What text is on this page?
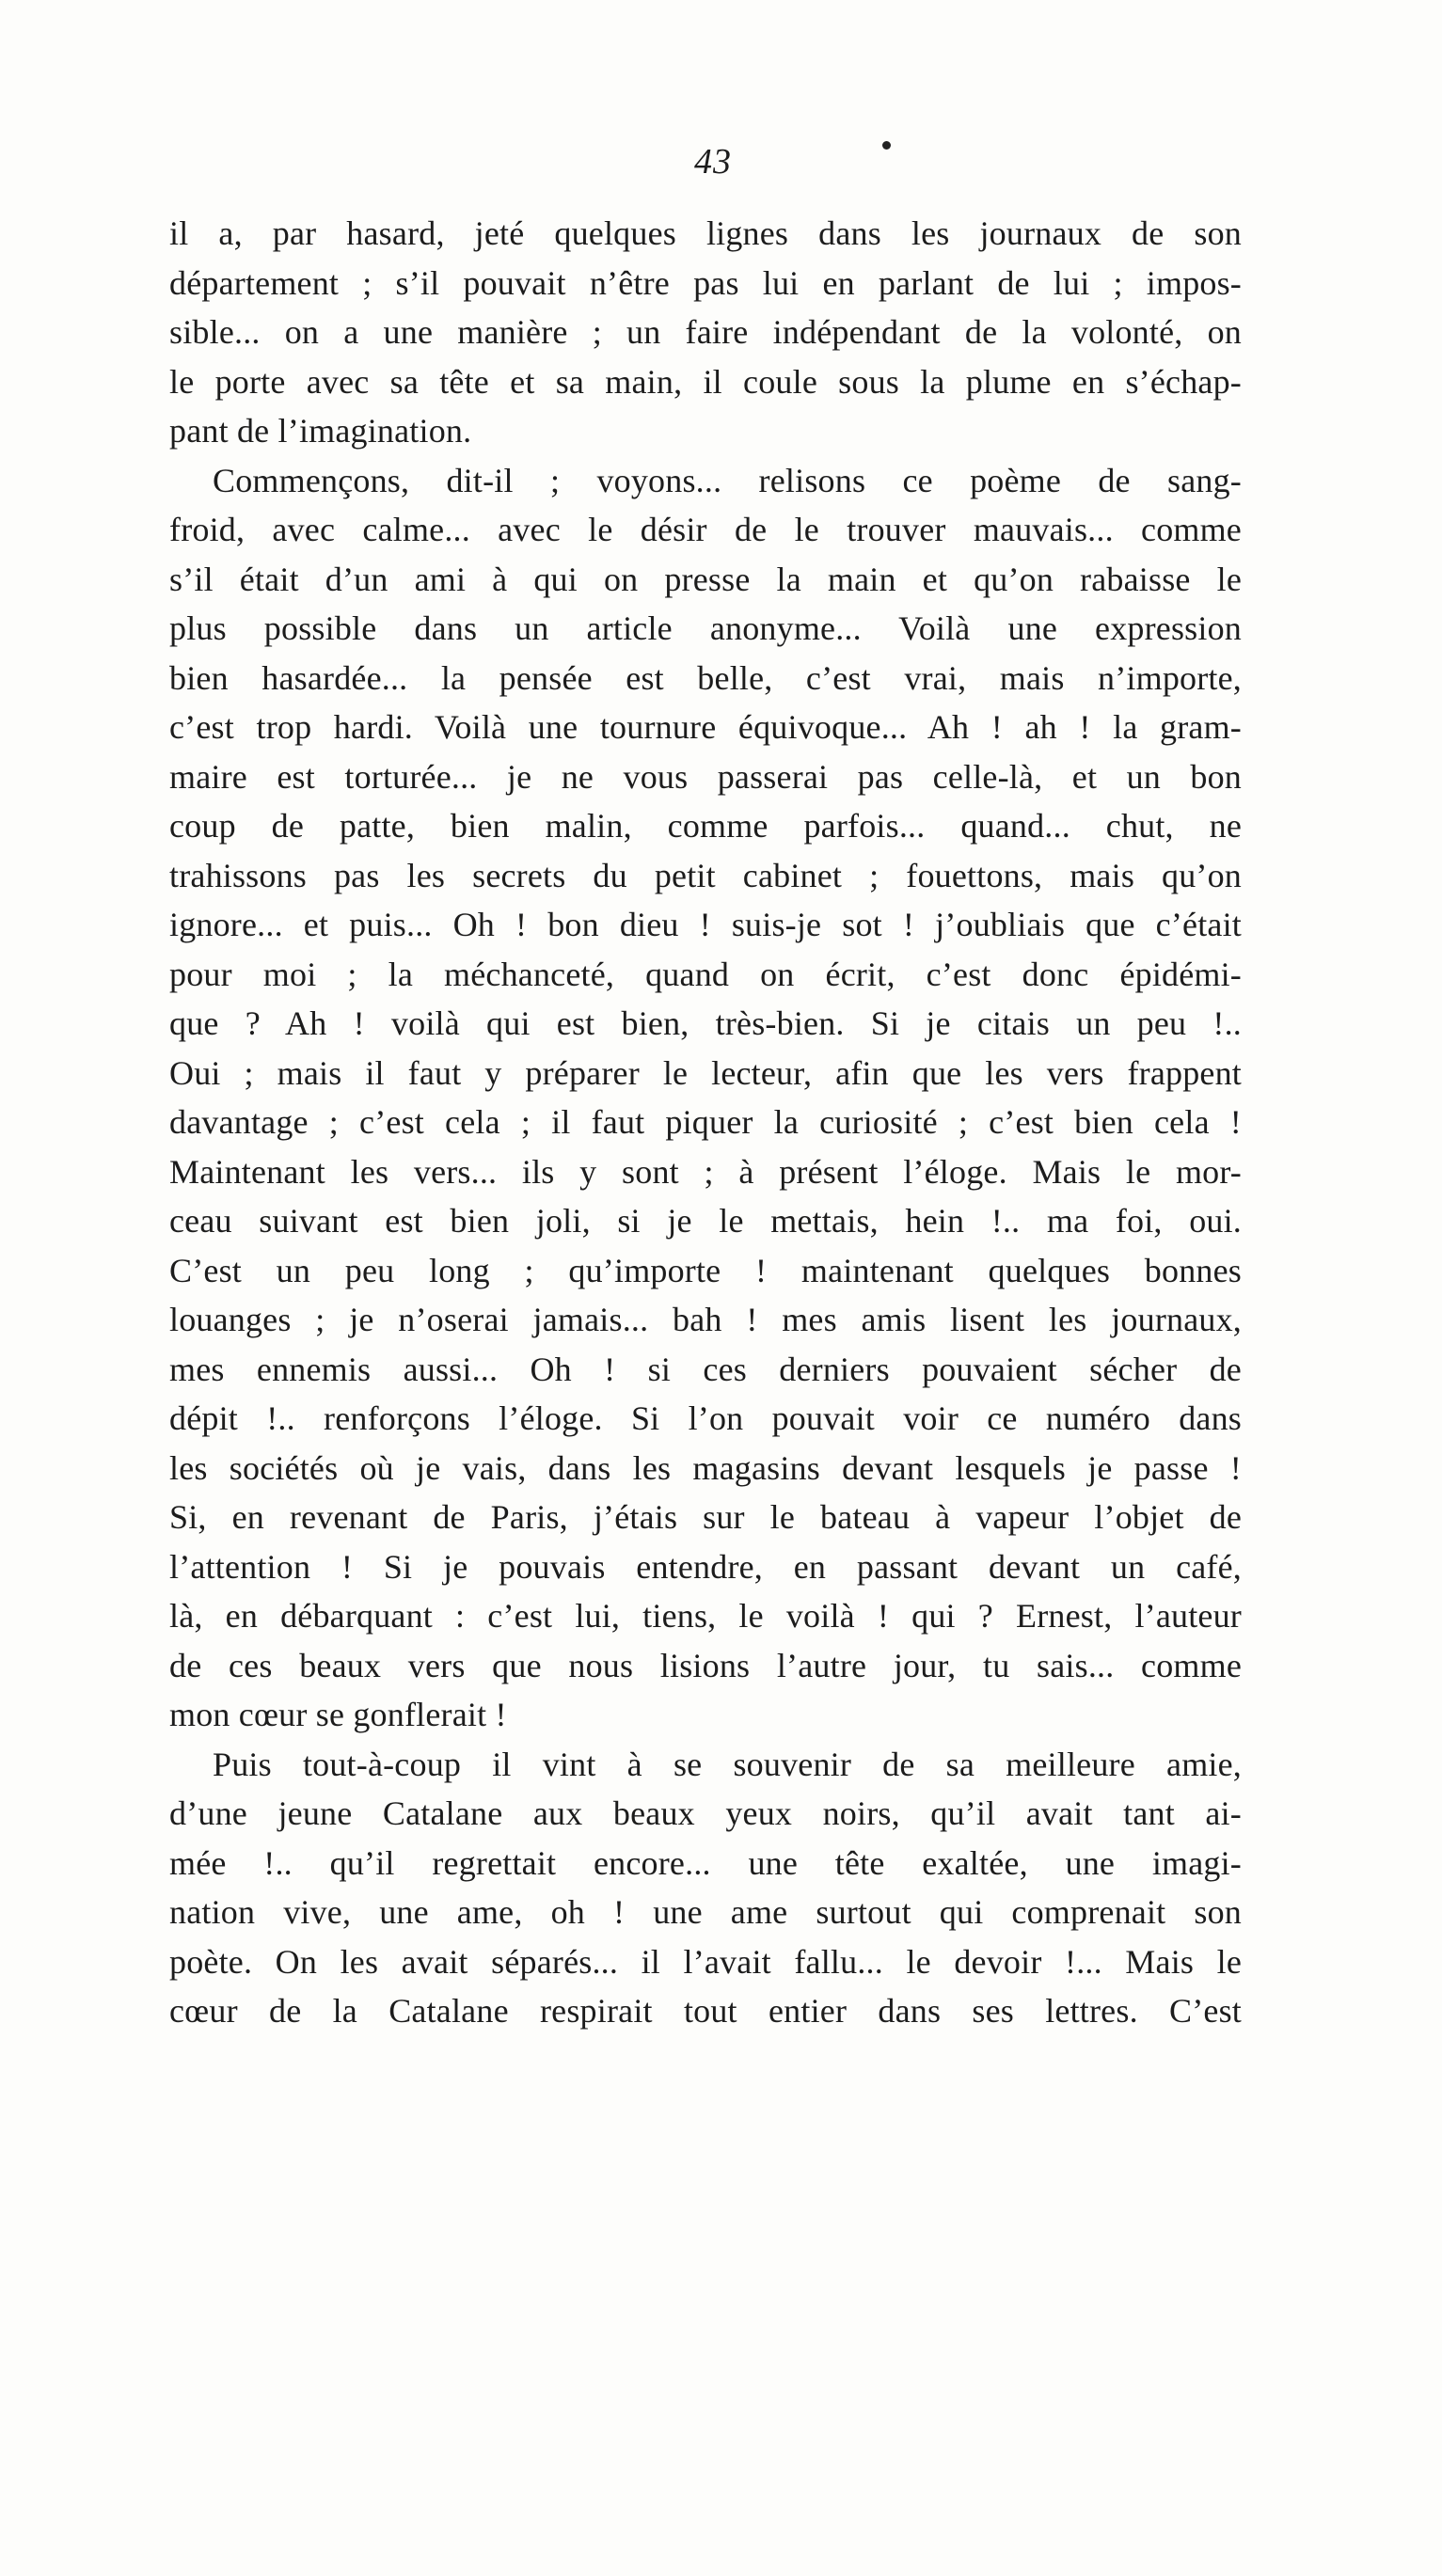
43
il a, par hasard, jeté quelques lignes dans les journaux de son
département ; s’il pouvait n’être pas lui en parlant de lui ; impos-
sible... on a une manière ; un faire indépendant de la volonté, on
le porte avec sa tête et sa main, il coule sous la plume en s’échap-
pant de l’imagination.
Commençons, dit-il ; voyons... relisons ce poème de sang-
froid, avec calme... avec le désir de le trouver mauvais... comme
s’il était d’un ami à qui on presse la main et qu’on rabaisse le
plus possible dans un article anonyme... Voilà une expression
bien hasardée... la pensée est belle, c’est vrai, mais n’importe,
c’est trop hardi. Voilà une tournure équivoque... Ah ! ah ! la gram-
maire est torturée... je ne vous passerai pas celle-là, et un bon
coup de patte, bien malin, comme parfois... quand... chut, ne
trahissons pas les secrets du petit cabinet ; fouettons, mais qu’on
ignore... et puis... Oh ! bon dieu ! suis-je sot ! j’oubliais que c’était
pour moi ; la méchanceté, quand on écrit, c’est donc épidémi-
que ? Ah ! voilà qui est bien, très-bien. Si je citais un peu !..
Oui ; mais il faut y préparer le lecteur, afin que les vers frappent
davantage ; c’est cela ; il faut piquer la curiosité ; c’est bien cela !
Maintenant les vers... ils y sont ; à présent l’éloge. Mais le mor-
ceau suivant est bien joli, si je le mettais, hein !.. ma foi, oui.
C’est un peu long ; qu’importe ! maintenant quelques bonnes
louanges ; je n’oserai jamais... bah ! mes amis lisent les journaux,
mes ennemis aussi... Oh ! si ces derniers pouvaient sécher de
dépit !.. renforçons l’éloge. Si l’on pouvait voir ce numéro dans
les sociétés où je vais, dans les magasins devant lesquels je passe !
Si, en revenant de Paris, j’étais sur le bateau à vapeur l’objet de
l’attention ! Si je pouvais entendre, en passant devant un café,
là, en débarquant : c’est lui, tiens, le voilà ! qui ? Ernest, l’auteur
de ces beaux vers que nous lisions l’autre jour, tu sais... comme
mon cœur se gonflerait !
Puis tout-à-coup il vint à se souvenir de sa meilleure amie,
d’une jeune Catalane aux beaux yeux noirs, qu’il avait tant ai-
mée !.. qu’il regrettait encore... une tête exaltée, une imagi-
nation vive, une ame, oh ! une ame surtout qui comprenait son
poète. On les avait séparés... il l’avait fallu... le devoir !... Mais le
cœur de la Catalane respirait tout entier dans ses lettres. C’est
